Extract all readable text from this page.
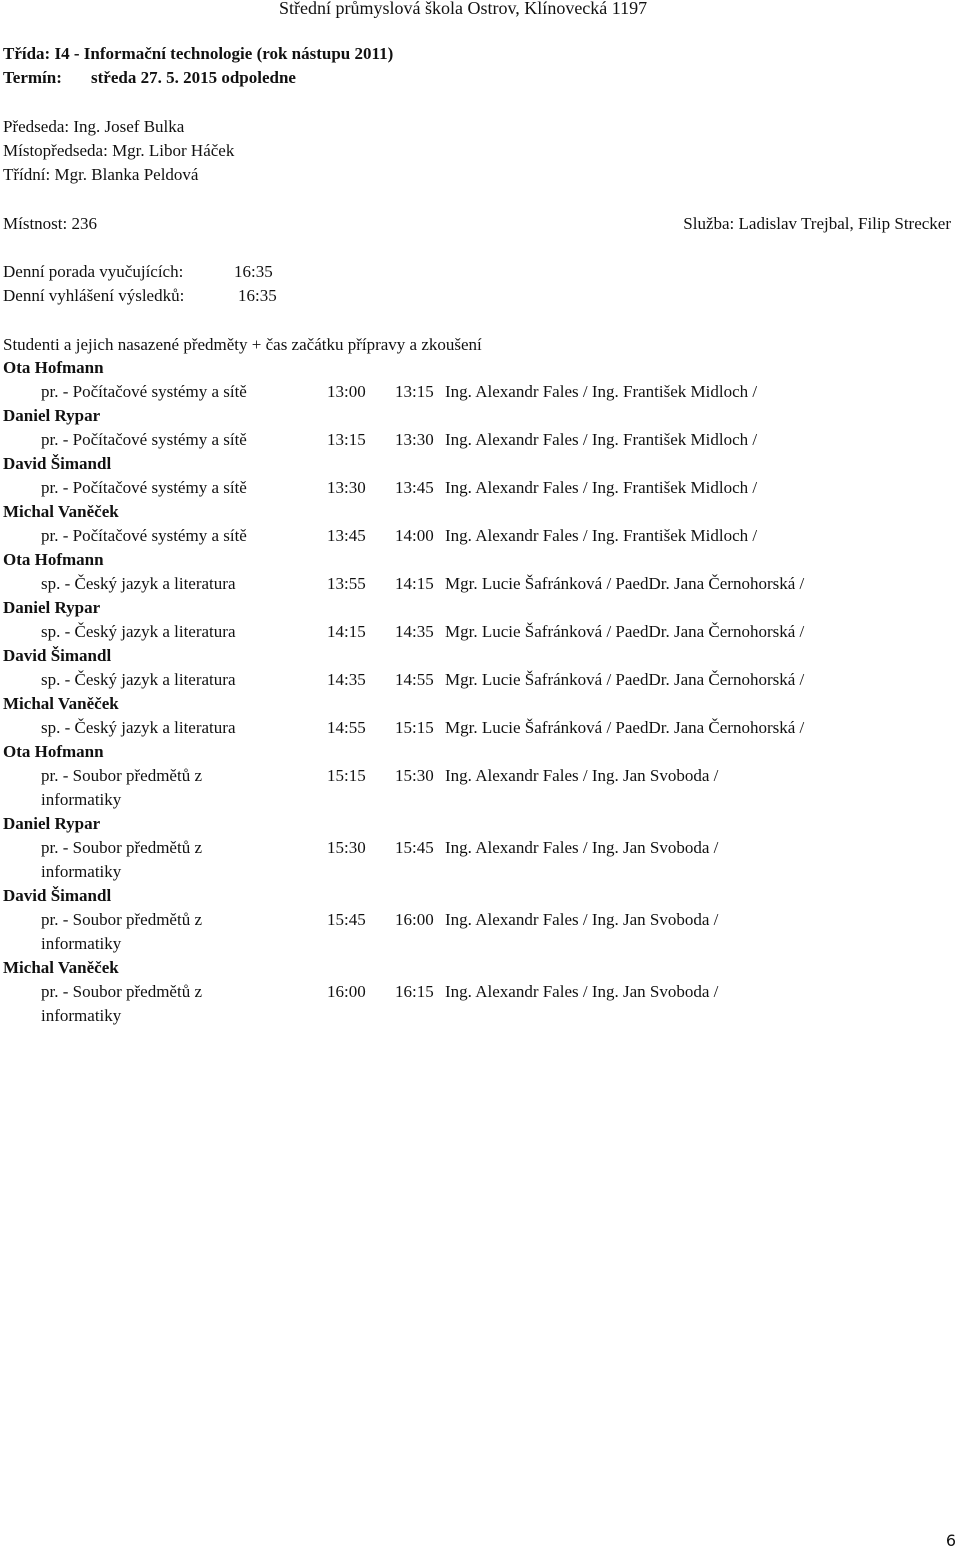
Střední průmyslová škola Ostrov, Klínovecká 1197
Třída: I4 - Informační technologie (rok nástupu 2011)
Termín: středa 27. 5. 2015 odpoledne
Předseda: Ing. Josef Bulka
Místopředseda: Mgr. Libor Háček
Třídní: Mgr. Blanka Peldová
Místnost: 236	Služba: Ladislav Trejbal, Filip Strecker
Denní porada vyučujících:	16:35
Denní vyhlášení výsledků:	16:35
Studenti a jejich nasazené předměty + čas začátku přípravy a zkoušení
Ota Hofmann
pr. - Počítačové systémy a sítě	13:00 13:15 Ing. Alexandr Fales / Ing. František Midloch /
Daniel Rypar
pr. - Počítačové systémy a sítě	13:15 13:30 Ing. Alexandr Fales / Ing. František Midloch /
David Šimandl
pr. - Počítačové systémy a sítě	13:30 13:45 Ing. Alexandr Fales / Ing. František Midloch /
Michal Vaněček
pr. - Počítačové systémy a sítě	13:45 14:00 Ing. Alexandr Fales / Ing. František Midloch /
Ota Hofmann
sp. - Český jazyk a literatura	13:55 14:15 Mgr. Lucie Šafránková / PaedDr. Jana Černohorská /
Daniel Rypar
sp. - Český jazyk a literatura	14:15 14:35 Mgr. Lucie Šafránková / PaedDr. Jana Černohorská /
David Šimandl
sp. - Český jazyk a literatura	14:35 14:55 Mgr. Lucie Šafránková / PaedDr. Jana Černohorská /
Michal Vaněček
sp. - Český jazyk a literatura	14:55 15:15 Mgr. Lucie Šafránková / PaedDr. Jana Černohorská /
Ota Hofmann
pr. - Soubor předmětů z informatiky
15:15 15:30 Ing. Alexandr Fales / Ing. Jan Svoboda /
Daniel Rypar
pr. - Soubor předmětů z informatiky
15:30 15:45 Ing. Alexandr Fales / Ing. Jan Svoboda /
David Šimandl
pr. - Soubor předmětů z informatiky
15:45 16:00 Ing. Alexandr Fales / Ing. Jan Svoboda /
Michal Vaněček
pr. - Soubor předmětů z informatiky
16:00 16:15 Ing. Alexandr Fales / Ing. Jan Svoboda /
6
